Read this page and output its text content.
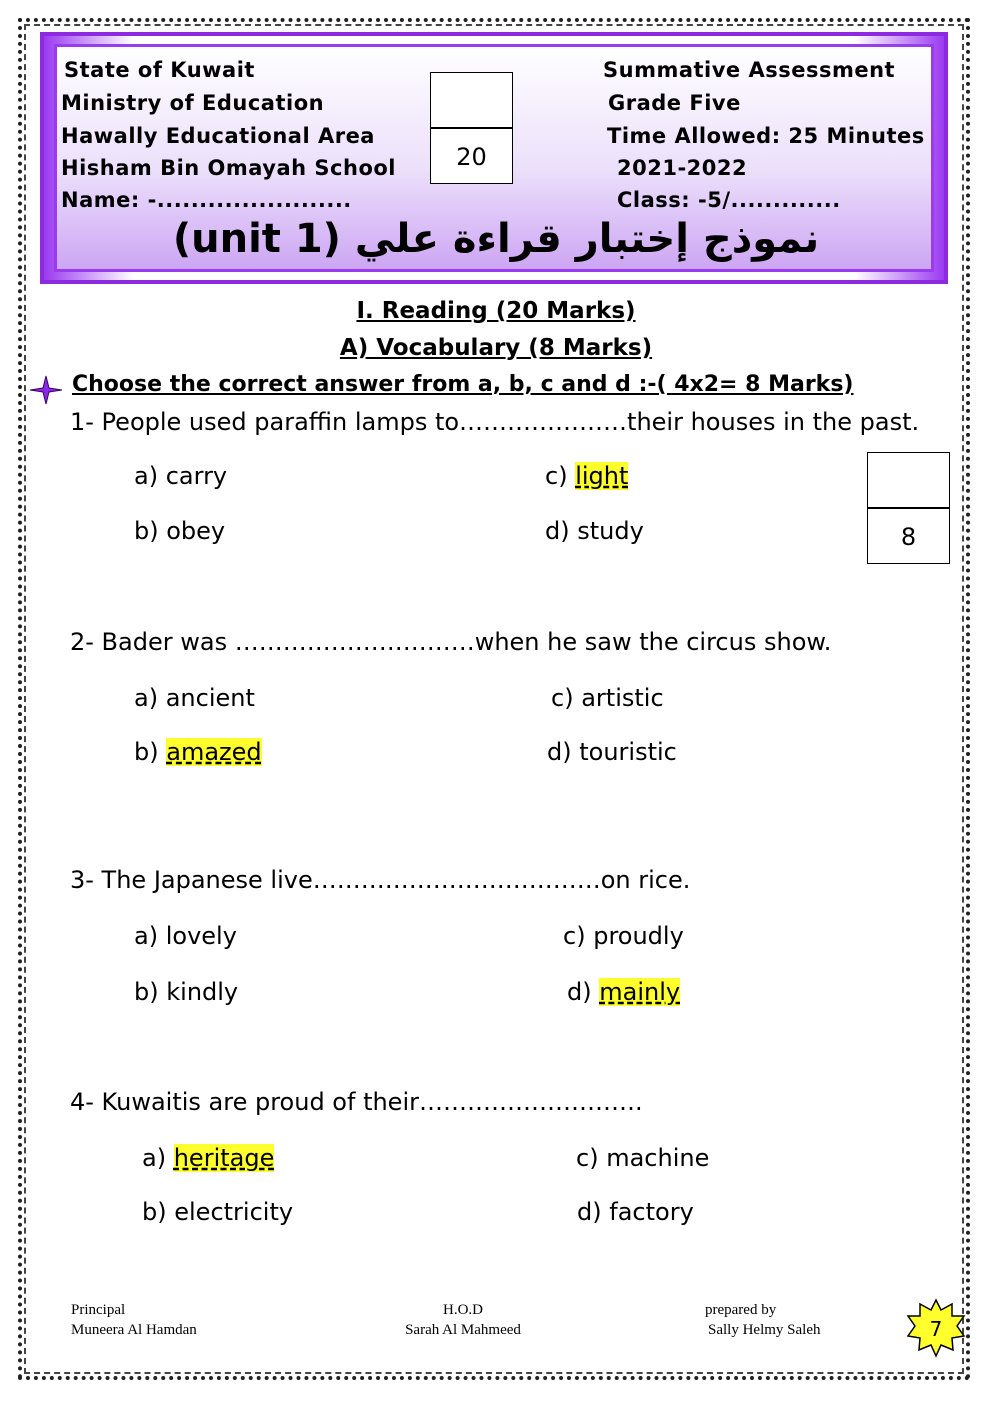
State of Kuwait
Ministry of Education
Hawally Educational Area
Hisham Bin Omayah School
Name: -.......................
Summative Assessment
Grade Five
Time Allowed: 25 Minutes
2021-2022
Class: -5/.............
20
نموذج إختبار قراءة علي (unit 1)
I. Reading (20 Marks)
A) Vocabulary (8 Marks)
Choose the correct answer from a, b, c and d :-( 4x2= 8 Marks)
8
1- People used paraffin lamps to…………………their houses in the past.
a) carry
b) obey
c) light
d) study
2- Bader was …………………………when he saw the circus show.
a) ancient
b) amazed
c) artistic
d) touristic
3- The Japanese live………………………………on rice.
a) lovely
b) kindly
c) proudly
d) mainly
4- Kuwaitis are proud of their……………………….
a) heritage
b) electricity
c) machine
d) factory
Principal
Muneera Al Hamdan
H.O.D
Sarah Al Mahmeed
prepared by
Sally Helmy Saleh	7
